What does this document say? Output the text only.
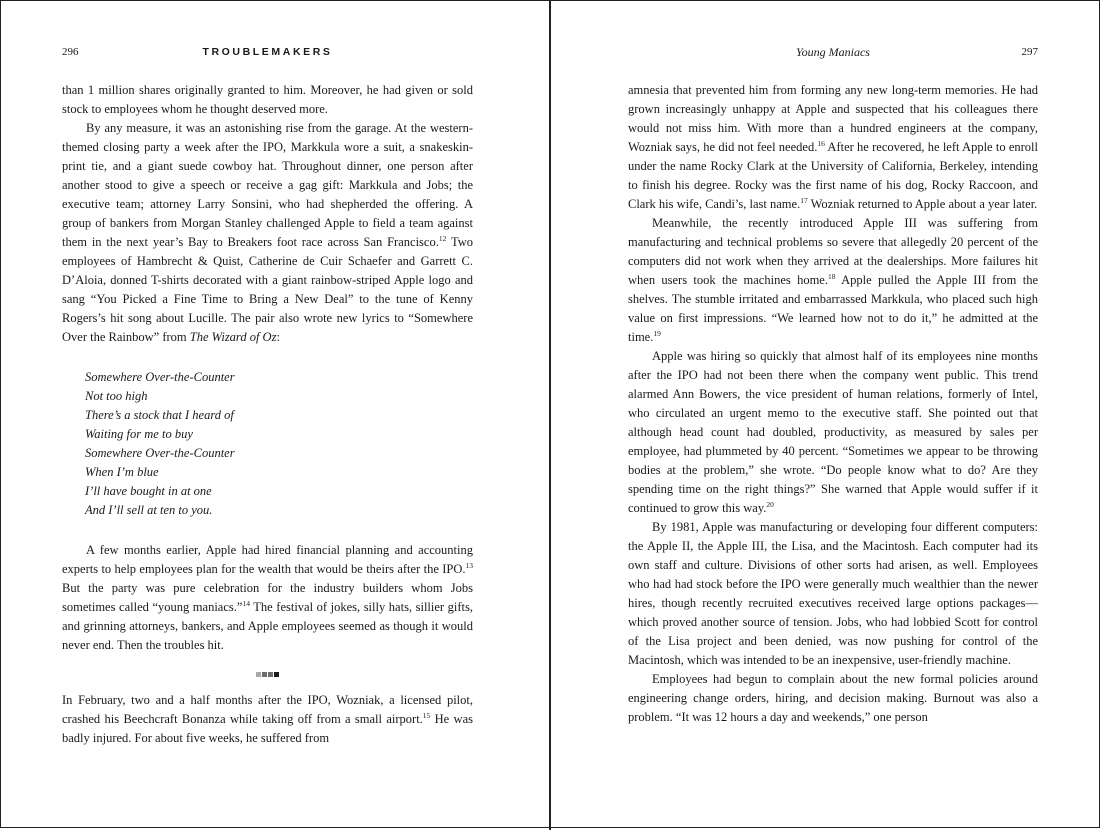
296	TROUBLEMAKERS

than 1 million shares originally granted to him. Moreover, he had given or sold stock to employees whom he thought deserved more.

By any measure, it was an astonishing rise from the garage. At the western-themed closing party a week after the IPO, Markkula wore a suit, a snakeskin-print tie, and a giant suede cowboy hat. Throughout dinner, one person after another stood to give a speech or receive a gag gift: Markkula and Jobs; the executive team; attorney Larry Sonsini, who had shepherded the offering. A group of bankers from Morgan Stanley challenged Apple to field a team against them in the next year’s Bay to Breakers foot race across San Francisco.$^{12}$ Two employees of Hambrecht & Quist, Catherine de Cuir Schaefer and Garrett C. D’Aloia, donned T-shirts decorated with a giant rainbow-striped Apple logo and sang “You Picked a Fine Time to Bring a New Deal” to the tune of Kenny Rogers’s hit song about Lucille. The pair also wrote new lyrics to “Somewhere Over the Rainbow” from The Wizard of Oz:

Somewhere Over-the-Counter
Not too high
There’s a stock that I heard of
Waiting for me to buy
Somewhere Over-the-Counter
When I’m blue
I’ll have bought in at one
And I’ll sell at ten to you.

A few months earlier, Apple had hired financial planning and accounting experts to help employees plan for the wealth that would be theirs after the IPO.$^{13}$ But the party was pure celebration for the industry builders whom Jobs sometimes called “young maniacs.”$^{14}$ The festival of jokes, silly hats, sillier gifts, and grinning attorneys, bankers, and Apple employees seemed as though it would never end. Then the troubles hit.

In February, two and a half months after the IPO, Wozniak, a licensed pilot, crashed his Beechcraft Bonanza while taking off from a small airport.$^{15}$ He was badly injured. For about five weeks, he suffered from

Young Maniacs	297

amnesia that prevented him from forming any new long-term memories. He had grown increasingly unhappy at Apple and suspected that his colleagues there would not miss him. With more than a hundred engineers at the company, Wozniak says, he did not feel needed.$^{16}$ After he recovered, he left Apple to enroll under the name Rocky Clark at the University of California, Berkeley, intending to finish his degree. Rocky was the first name of his dog, Rocky Raccoon, and Clark his wife, Candi’s, last name.$^{17}$ Wozniak returned to Apple about a year later.

Meanwhile, the recently introduced Apple III was suffering from manufacturing and technical problems so severe that allegedly 20 percent of the computers did not work when they arrived at the dealerships. More failures hit when users took the machines home.$^{18}$ Apple pulled the Apple III from the shelves. The stumble irritated and embarrassed Markkula, who placed such high value on first impressions. “We learned how not to do it,” he admitted at the time.$^{19}$

Apple was hiring so quickly that almost half of its employees nine months after the IPO had not been there when the company went public. This trend alarmed Ann Bowers, the vice president of human relations, formerly of Intel, who circulated an urgent memo to the executive staff. She pointed out that although head count had doubled, productivity, as measured by sales per employee, had plummeted by 40 percent. “Sometimes we appear to be throwing bodies at the problem,” she wrote. “Do people know what to do? Are they spending time on the right things?” She warned that Apple would suffer if it continued to grow this way.$^{20}$

By 1981, Apple was manufacturing or developing four different computers: the Apple II, the Apple III, the Lisa, and the Macintosh. Each computer had its own staff and culture. Divisions of other sorts had arisen, as well. Employees who had had stock before the IPO were generally much wealthier than the newer hires, though recently recruited executives received large options packages—which proved another source of tension. Jobs, who had lobbied Scott for control of the Lisa project and been denied, was now pushing for control of the Macintosh, which was intended to be an inexpensive, user-friendly machine.

Employees had begun to complain about the new formal policies around engineering change orders, hiring, and decision making. Burnout was also a problem. “It was 12 hours a day and weekends,” one person
